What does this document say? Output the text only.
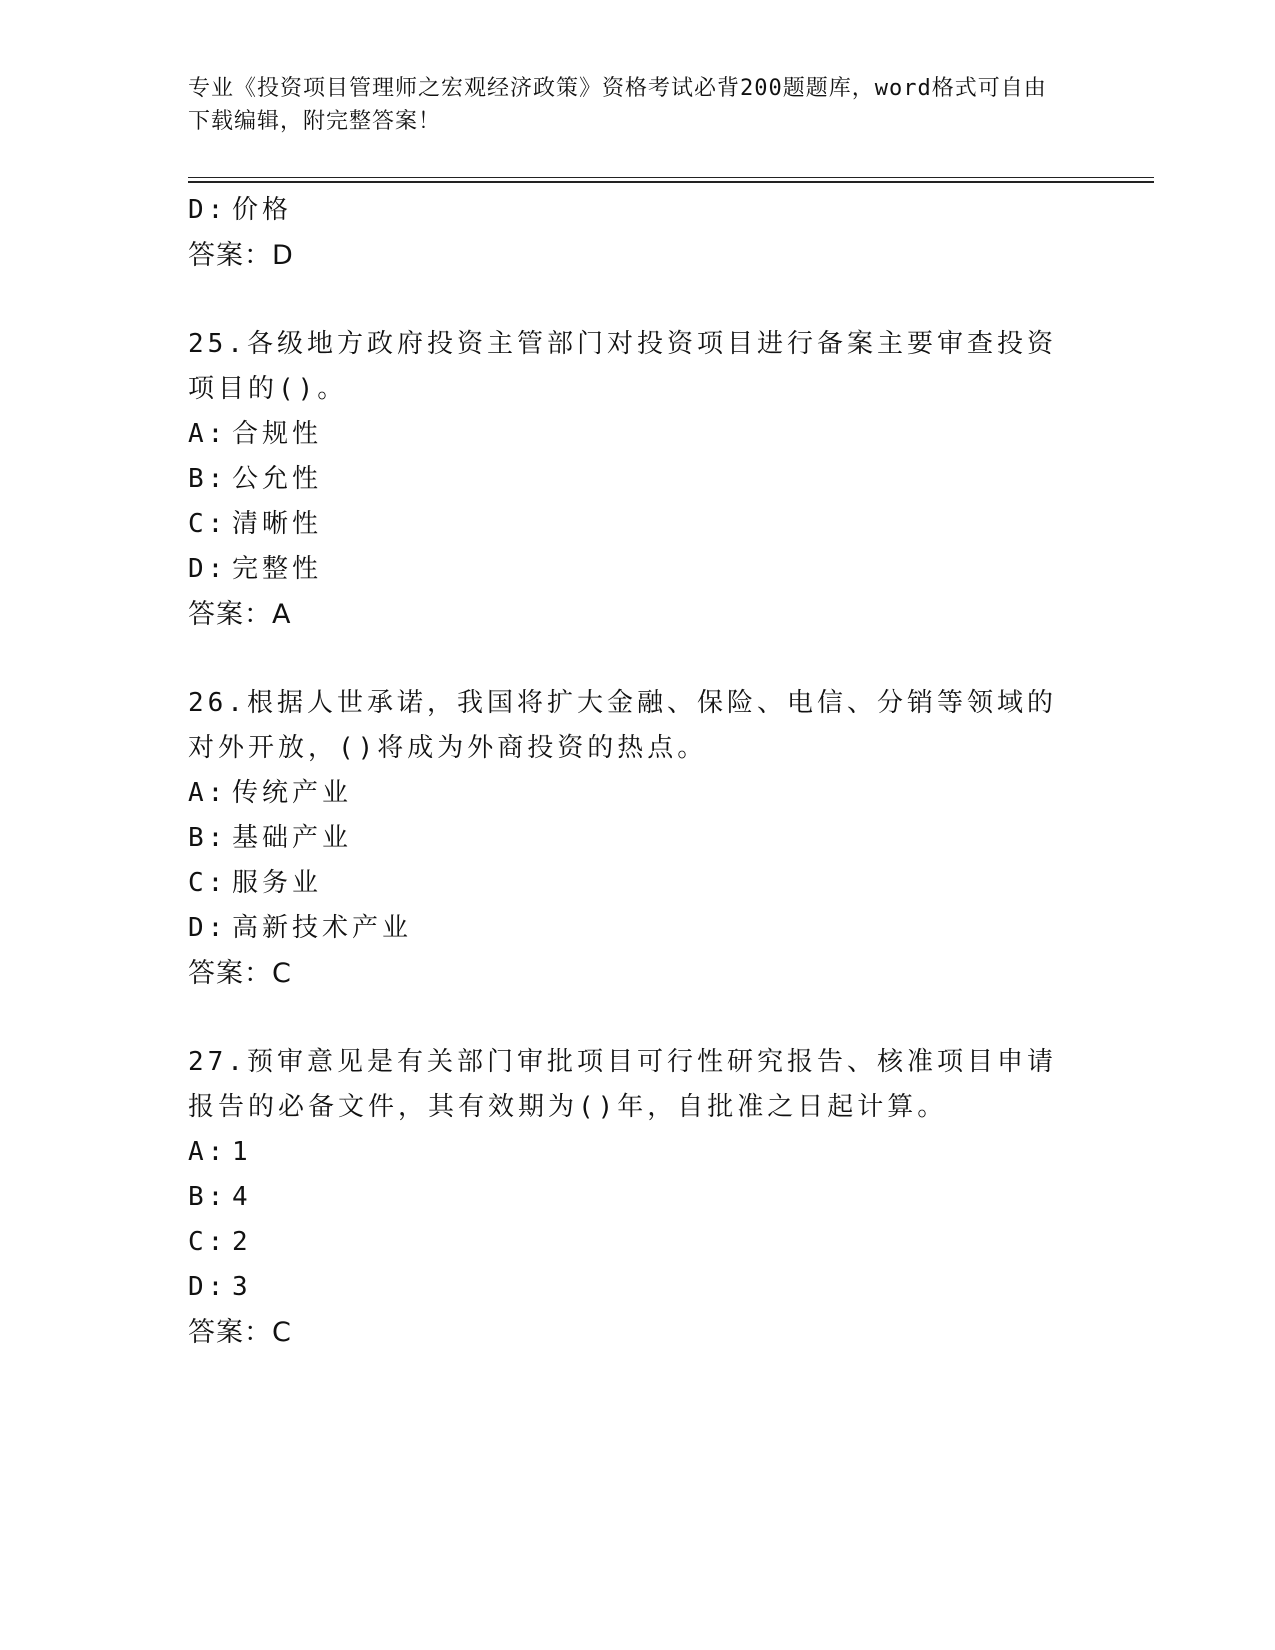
专业《投资项目管理师之宏观经济政策》资格考试必背200题题库，word格式可自由下载编辑，附完整答案！
D: 价格
答案：D
25.各级地方政府投资主管部门对投资项目进行备案主要审查投资项目的()。
A: 合规性
B: 公允性
C: 清晰性
D: 完整性
答案：A
26.根据人世承诺，我国将扩大金融、保险、电信、分销等领域的对外开放，()将成为外商投资的热点。
A: 传统产业
B: 基础产业
C: 服务业
D: 高新技术产业
答案：C
27.预审意见是有关部门审批项目可行性研究报告、核准项目申请报告的必备文件，其有效期为()年，自批准之日起计算。
A: 1
B: 4
C: 2
D: 3
答案：C
